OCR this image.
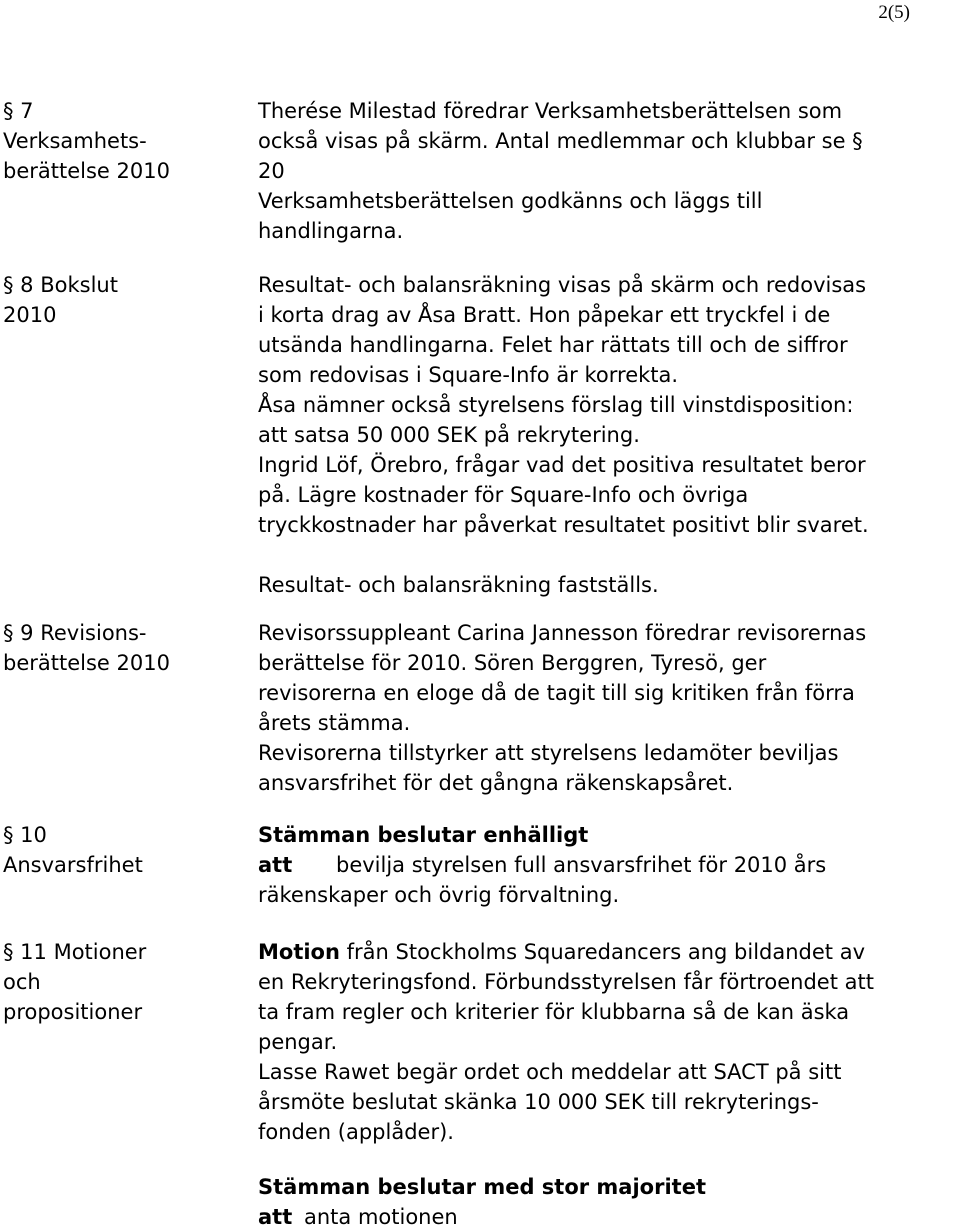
2(5)
§ 7
Verksamhets-
berättelse 2010
Therése Milestad föredrar Verksamhetsberättelsen som
också visas på skärm. Antal medlemmar och klubbar se §
20
Verksamhetsberättelsen godkänns och läggs till
handlingarna.
§ 8 Bokslut
2010
Resultat- och balansräkning visas på skärm och redovisas
i korta drag av Åsa Bratt. Hon påpekar ett tryckfel i de
utsända handlingarna. Felet har rättats till och de siffror
som redovisas i Square-Info är korrekta.
Åsa nämner också styrelsens förslag till vinstdisposition:
att satsa 50 000 SEK på rekrytering.
Ingrid Löf, Örebro, frågar vad det positiva resultatet beror
på. Lägre kostnader för Square-Info och övriga
tryckkostnader har påverkat resultatet positivt blir svaret.
Resultat- och balansräkning fastställs.
§ 9 Revisions-
berättelse 2010
Revisorssuppleant Carina Jannesson föredrar revisorernas
berättelse för 2010. Sören Berggren, Tyresö, ger
revisorerna en eloge då de tagit till sig kritiken från förra
årets stämma.
Revisorerna tillstyrker att styrelsens ledamöter beviljas
ansvarsfrihet för det gångna räkenskapsåret.
§ 10
Ansvarsfrihet
Stämman beslutar enhälligt
att bevilja styrelsen full ansvarsfrihet för 2010 års
räkenskaper och övrig förvaltning.
§ 11 Motioner
och
propositioner
Motion från Stockholms Squaredancers ang bildandet av
en Rekryteringsfond. Förbundsstyrelsen får förtroendet att
ta fram regler och kriterier för klubbarna så de kan äska
pengar.
Lasse Rawet begär ordet och meddelar att SACT på sitt
årsmöte beslutat skänka 10 000 SEK till rekryterings-
fonden (applåder).
Stämman beslutar med stor majoritet
att anta motionen
